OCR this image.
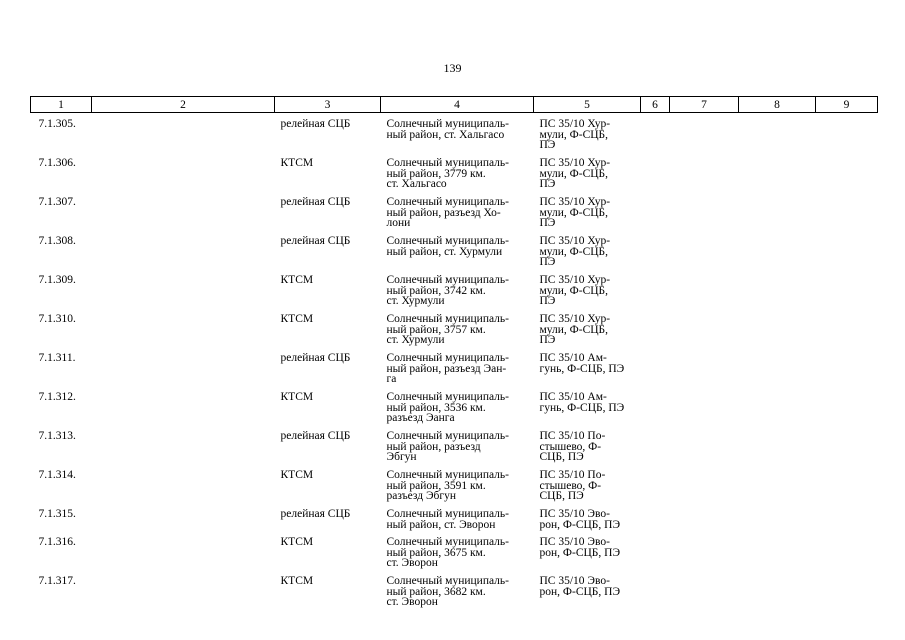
139
1	2	3	4	5	6	7	8	9

7.1.305.		релейная СЦБ	Солнечный муниципаль-
ный район, ст. Хальгасо	ПС 35/10 Хур-
мули, Ф-СЦБ,
ПЭ				
7.1.306.		КТСМ	Солнечный муниципаль-
ный район, 3779 км.
ст. Хальгасо	ПС 35/10 Хур-
мули, Ф-СЦБ,
ПЭ				
7.1.307.		релейная СЦБ	Солнечный муниципаль-
ный район, разъезд Хо-
лони	ПС 35/10 Хур-
мули, Ф-СЦБ,
ПЭ				
7.1.308.		релейная СЦБ	Солнечный муниципаль-
ный район, ст. Хурмули	ПС 35/10 Хур-
мули, Ф-СЦБ,
ПЭ				
7.1.309.		КТСМ	Солнечный муниципаль-
ный район, 3742 км.
ст. Хурмули	ПС 35/10 Хур-
мули, Ф-СЦБ,
ПЭ				
7.1.310.		КТСМ	Солнечный муниципаль-
ный район, 3757 км.
ст. Хурмули	ПС 35/10 Хур-
мули, Ф-СЦБ,
ПЭ				
7.1.311.		релейная СЦБ	Солнечный муниципаль-
ный район, разъезд Эан-
га	ПС 35/10 Ам-
гунь, Ф-СЦБ, ПЭ				
7.1.312.		КТСМ	Солнечный муниципаль-
ный район, 3536 км.
разъезд Эанга	ПС 35/10 Ам-
гунь, Ф-СЦБ, ПЭ				
7.1.313.		релейная СЦБ	Солнечный муниципаль-
ный район, разъезд
Эбгун	ПС 35/10 По-
стышево, Ф-
СЦБ, ПЭ				
7.1.314.		КТСМ	Солнечный муниципаль-
ный район, 3591 км.
разъезд Эбгун	ПС 35/10 По-
стышево, Ф-
СЦБ, ПЭ				
7.1.315.		релейная СЦБ	Солнечный муниципаль-
ный район, ст. Эворон	ПС 35/10 Эво-
рон, Ф-СЦБ, ПЭ				
7.1.316.		КТСМ	Солнечный муниципаль-
ный район, 3675 км.
ст. Эворон	ПС 35/10 Эво-
рон, Ф-СЦБ, ПЭ				
7.1.317.		КТСМ	Солнечный муниципаль-
ный район, 3682 км.
ст. Эворон	ПС 35/10 Эво-
рон, Ф-СЦБ, ПЭ				
